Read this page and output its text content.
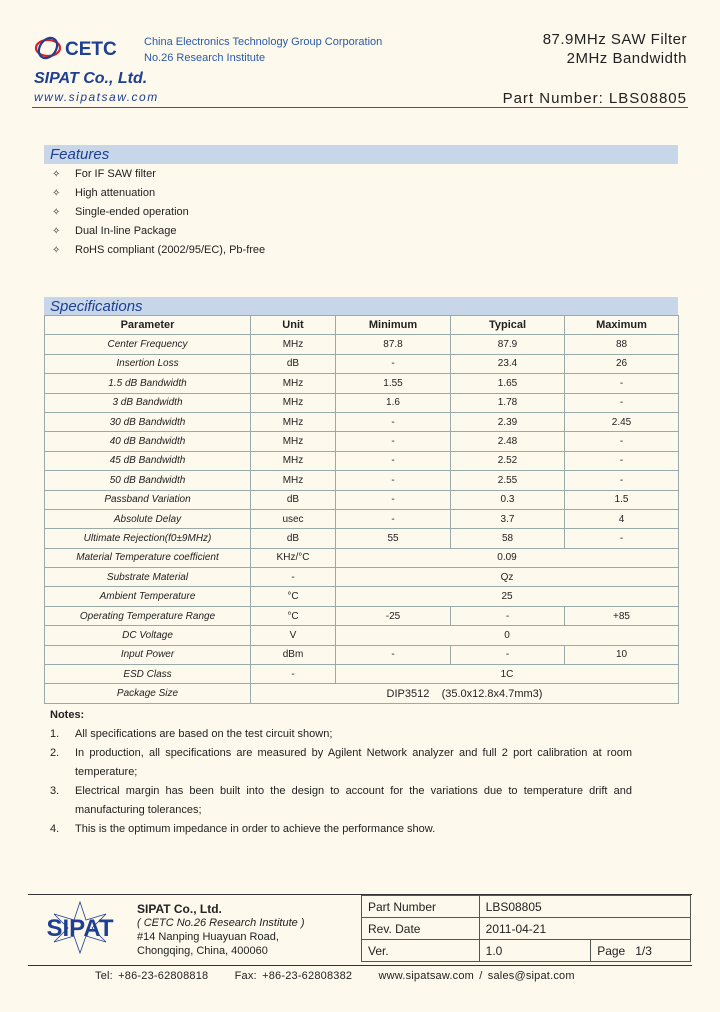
CETC China Electronics Technology Group Corporation
No.26 Research Institute
87.9MHz SAW Filter
2MHz Bandwidth
SIPAT Co., Ltd.
www.sipatsaw.com	Part Number: LBS08805
Features
✧ For IF SAW filter
✧ High attenuation
✧ Single-ended operation
✧ Dual In-line Package
✧ RoHS compliant (2002/95/EC), Pb-free
Specifications
Parameter	Unit	Minimum	Typical	Maximum
Center Frequency	MHz	87.8	87.9	88
Insertion Loss	dB	-	23.4	26
1.5 dB Bandwidth	MHz	1.55	1.65	-
3 dB Bandwidth	MHz	1.6	1.78	-
30 dB Bandwidth	MHz	-	2.39	2.45
40 dB Bandwidth	MHz	-	2.48	-
45 dB Bandwidth	MHz	-	2.52	-
50 dB Bandwidth	MHz	-	2.55	-
Passband Variation	dB	-	0.3	1.5
Absolute Delay	usec	-	3.7	4
Ultimate Rejection(f0±9MHz)	dB	55	58	-
Material Temperature coefficient	KHz/°C	0.09		
Substrate Material	-	Qz		
Ambient Temperature	°C	25		
Operating Temperature Range	°C	-25	-	+85
DC Voltage	V	0		
Input Power	dBm	-	-	10
ESD Class	-	1C		
Package Size	DIP3512    (35.0x12.8x4.7mm3)			
Notes:
1. All specifications are based on the test circuit shown;
2. In production, all specifications are measured by Agilent Network analyzer and full 2 port calibration at room temperature;
3. Electrical margin has been built into the design to account for the variations due to temperature drift and manufacturing tolerances;
4. This is the optimum impedance in order to achieve the performance show.
SIPAT
SIPAT Co., Ltd.
( CETC No.26 Research Institute )
#14 Nanping Huayuan Road,
Chongqing, China, 400060
Part Number	LBS08805	
Rev. Date	2011-04-21	
Ver.	1.0	Page   1/3
Tel: +86-23-62808818     Fax: +86-23-62808382     www.sipatsaw.com / sales@sipat.com
